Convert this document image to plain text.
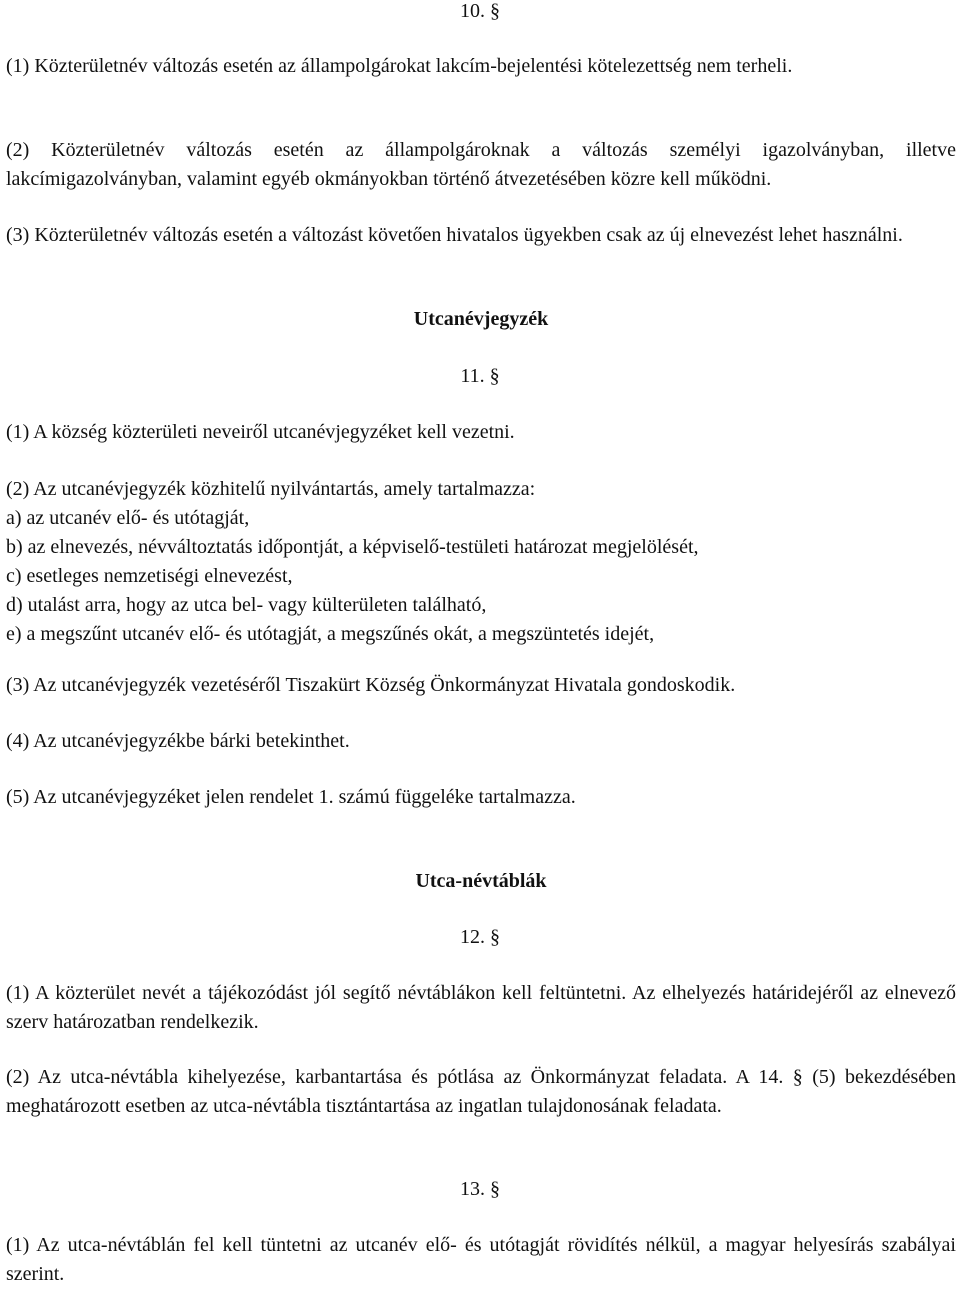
10. §

(1) Közterületnév változás esetén az állampolgárokat lakcím-bejelentési kötelezettség nem terheli.

(2) Közterületnév változás esetén az állampolgároknak a változás személyi igazolványban, illetve lakcímigazolványban, valamint egyéb okmányokban történő átvezetésében közre kell működni.

(3) Közterületnév változás esetén a változást követően hivatalos ügyekben csak az új elnevezést lehet használni.

Utcanévjegyzék
11. §

(1) A község közterületi neveiről utcanévjegyzéket kell vezetni.

(2) Az utcanévjegyzék közhitelű nyilvántartás, amely tartalmazza:
a) az utcanév elő- és utótagját,
b) az elnevezés, névváltoztatás időpontját, a képviselő-testületi határozat megjelölését,
c) esetleges nemzetiségi elnevezést,
d) utalást arra, hogy az utca bel- vagy külterületen található,
e) a megszűnt utcanév elő- és utótagját, a megszűnés okát, a megszüntetés idejét,

(3) Az utcanévjegyzék vezetéséről Tiszakürt Község Önkormányzat Hivatala gondoskodik.

(4) Az utcanévjegyzékbe bárki betekinthet.

(5) Az utcanévjegyzéket jelen rendelet 1. számú függeléke tartalmazza.

Utca-névtáblák
12. §

(1) A közterület nevét a tájékozódást jól segítő névtáblákon kell feltüntetni. Az elhelyezés határidejéről az elnevező szerv határozatban rendelkezik.

(2) Az utca-névtábla kihelyezése, karbantartása és pótlása az Önkormányzat feladata. A 14. § (5) bekezdésében meghatározott esetben az utca-névtábla tisztántartása az ingatlan tulajdonosának feladata.

13. §

(1) Az utca-névtáblán fel kell tüntetni az utcanév elő- és utótagját rövidítés nélkül, a magyar helyesírás szabályai szerint.
